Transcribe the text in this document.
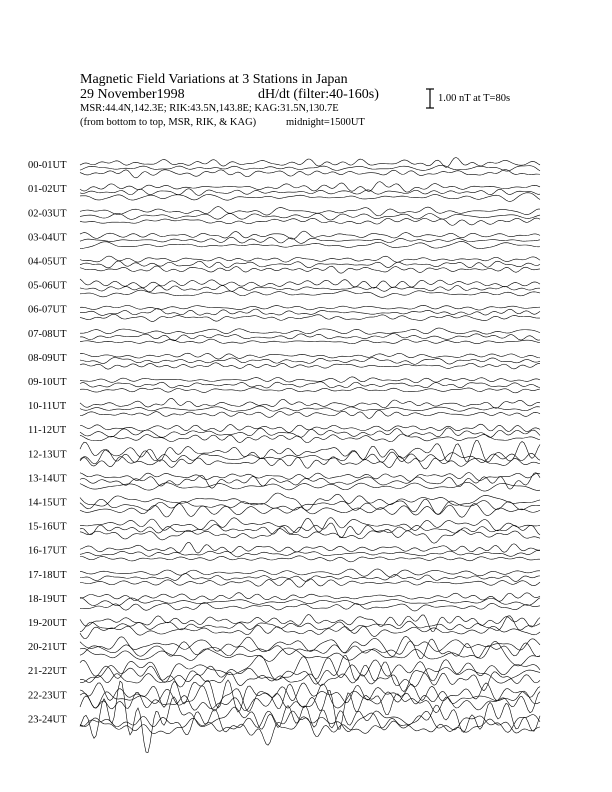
Magnetic Field Variations at 3 Stations in Japan
29 November1998	dH/dt (filter:40-160s)
MSR:44.4N,142.3E; RIK:43.5N,143.8E; KAG:31.5N,130.7E
(from bottom to top, MSR, RIK, & KAG)	midnight=1500UT
1.00 nT at T=80s
00-01UT
01-02UT
02-03UT
03-04UT
04-05UT
05-06UT
06-07UT
07-08UT
08-09UT
09-10UT
10-11UT
11-12UT
12-13UT
13-14UT
14-15UT
15-16UT
16-17UT
17-18UT
18-19UT
19-20UT
20-21UT
21-22UT
22-23UT
23-24UT
